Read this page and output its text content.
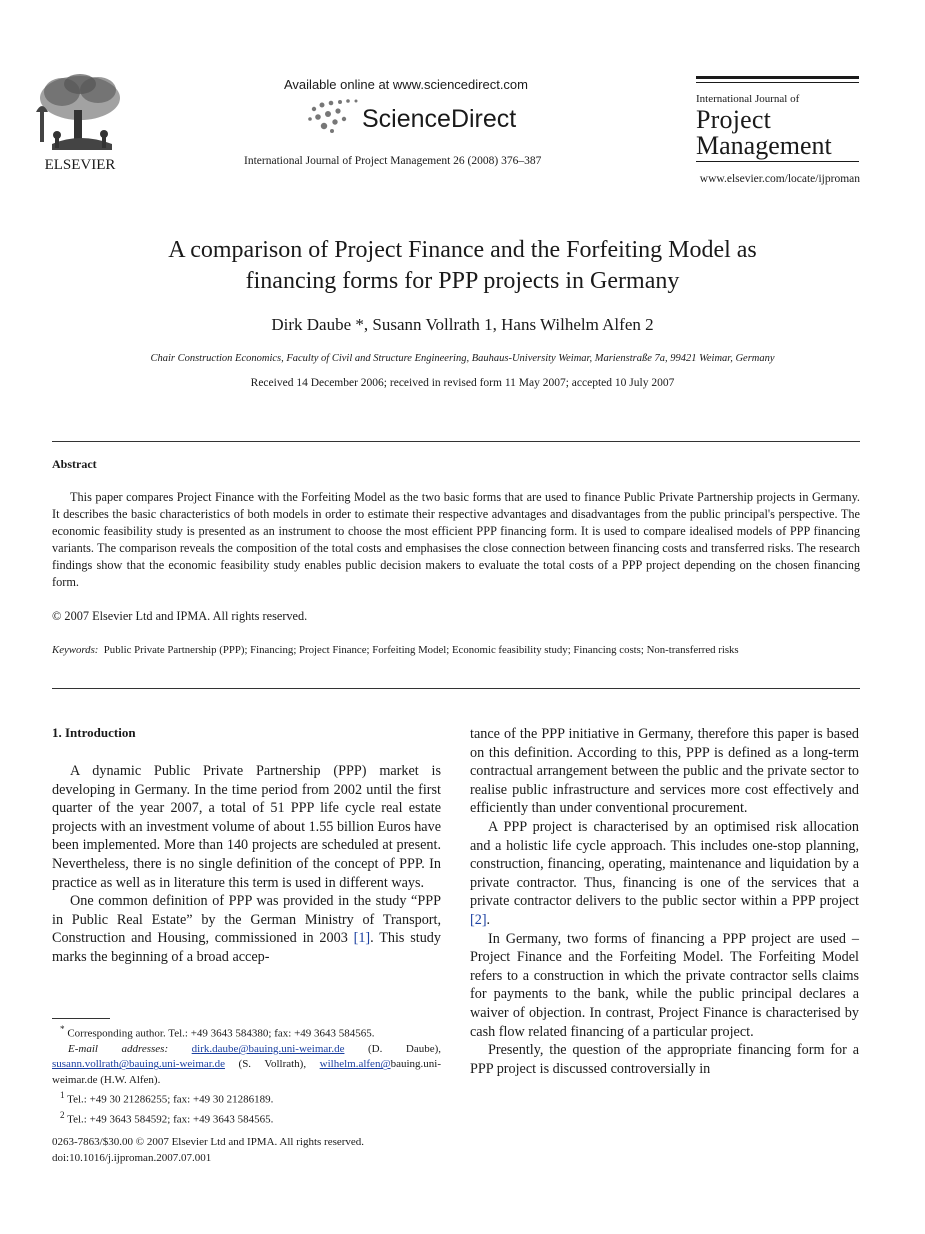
ELSEVIER
Available online at www.sciencedirect.com
ScienceDirect
International Journal of Project Management 26 (2008) 376–387
International Journal of
Project
Management
www.elsevier.com/locate/ijproman
A comparison of Project Finance and the Forfeiting Model as
financing forms for PPP projects in Germany
Dirk Daube *, Susann Vollrath 1, Hans Wilhelm Alfen 2
Chair Construction Economics, Faculty of Civil and Structure Engineering, Bauhaus-University Weimar, Marienstraße 7a, 99421 Weimar, Germany
Received 14 December 2006; received in revised form 11 May 2007; accepted 10 July 2007
Abstract
This paper compares Project Finance with the Forfeiting Model as the two basic forms that are used to finance Public Private Partnership projects in Germany. It describes the basic characteristics of both models in order to estimate their respective advantages and disadvantages from the public principal's perspective. The economic feasibility study is presented as an instrument to choose the most efficient PPP financing form. It is used to compare idealised models of PPP financing variants. The comparison reveals the composition of the total costs and emphasises the close connection between financing costs and transferred risks. The research findings show that the economic feasibility study enables public decision makers to evaluate the total costs of a PPP project depending on the chosen financing form.
© 2007 Elsevier Ltd and IPMA. All rights reserved.
Keywords: Public Private Partnership (PPP); Financing; Project Finance; Forfeiting Model; Economic feasibility study; Financing costs; Non-transferred risks
1. Introduction

A dynamic Public Private Partnership (PPP) market is developing in Germany. In the time period from 2002 until the first quarter of the year 2007, a total of 51 PPP life cycle real estate projects with an investment volume of about 1.55 billion Euros have been implemented. More than 140 projects are scheduled at present. Nevertheless, there is no single definition of the concept of PPP. In practice as well as in literature this term is used in different ways.

One common definition of PPP was provided in the study “PPP in Public Real Estate” by the German Ministry of Transport, Construction and Housing, commissioned in 2003 [1]. This study marks the beginning of a broad accep-

* Corresponding author. Tel.: +49 3643 584380; fax: +49 3643 584565.
E-mail addresses: dirk.daube@bauing.uni-weimar.de (D. Daube), susann.vollrath@bauing.uni-weimar.de (S. Vollrath), wilhelm.alfen@bauing.uni-weimar.de (H.W. Alfen).
$^1$ Tel.: +49 30 21286255; fax: +49 30 21286189.
$^2$ Tel.: +49 3643 584592; fax: +49 3643 584565.
0263-7863/$30.00 © 2007 Elsevier Ltd and IPMA. All rights reserved.
doi:10.1016/j.ijproman.2007.07.001

tance of the PPP initiative in Germany, therefore this paper is based on this definition. According to this, PPP is defined as a long-term contractual arrangement between the public and the private sector to realise public infrastructure and services more cost effectively and efficiently than under conventional procurement.

A PPP project is characterised by an optimised risk allocation and a holistic life cycle approach. This includes one-stop planning, construction, financing, operating, maintenance and liquidation by a private contractor. Thus, financing is one of the services that a private contractor delivers to the public sector within a PPP project [2].

In Germany, two forms of financing a PPP project are used – Project Finance and the Forfeiting Model. The Forfeiting Model refers to a construction in which the private contractor sells claims for payments to the bank, while the public principal declares a waiver of objection. In contrast, Project Finance is characterised by cash flow related financing of a particular project.

Presently, the question of the appropriate financing form for a PPP project is discussed controversially in
